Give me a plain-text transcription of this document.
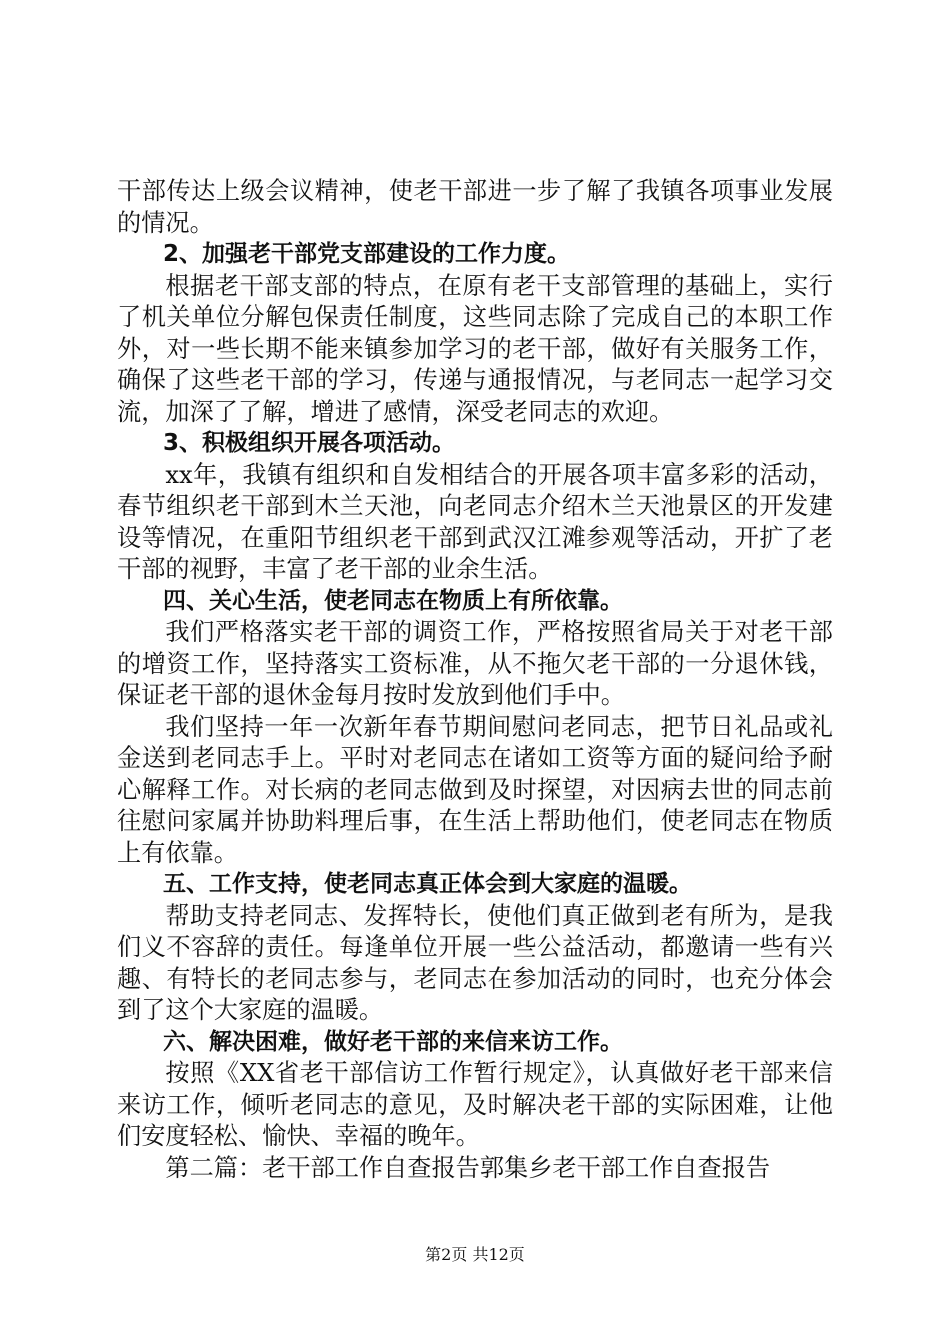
干部传达上级会议精神，使老干部进一步了解了我镇各项事业发展的情况。

2、加强老干部党支部建设的工作力度。

根据老干部支部的特点，在原有老干支部管理的基础上，实行了机关单位分解包保责任制度，这些同志除了完成自己的本职工作外，对一些长期不能来镇参加学习的老干部，做好有关服务工作，确保了这些老干部的学习，传递与通报情况，与老同志一起学习交流，加深了了解，增进了感情，深受老同志的欢迎。

3、积极组织开展各项活动。

xx年，我镇有组织和自发相结合的开展各项丰富多彩的活动，春节组织老干部到木兰天池，向老同志介绍木兰天池景区的开发建设等情况，在重阳节组织老干部到武汉江滩参观等活动，开扩了老干部的视野，丰富了老干部的业余生活。

四、关心生活，使老同志在物质上有所依靠。

我们严格落实老干部的调资工作，严格按照省局关于对老干部的增资工作，坚持落实工资标准，从不拖欠老干部的一分退休钱，保证老干部的退休金每月按时发放到他们手中。

我们坚持一年一次新年春节期间慰问老同志，把节日礼品或礼金送到老同志手上。平时对老同志在诸如工资等方面的疑问给予耐心解释工作。对长病的老同志做到及时探望，对因病去世的同志前往慰问家属并协助料理后事，在生活上帮助他们，使老同志在物质上有依靠。

五、工作支持，使老同志真正体会到大家庭的温暖。

帮助支持老同志、发挥特长，使他们真正做到老有所为，是我们义不容辞的责任。每逢单位开展一些公益活动，都邀请一些有兴趣、有特长的老同志参与，老同志在参加活动的同时，也充分体会到了这个大家庭的温暖。

六、解决困难，做好老干部的来信来访工作。

按照《XX省老干部信访工作暂行规定》，认真做好老干部来信来访工作，倾听老同志的意见，及时解决老干部的实际困难，让他们安度轻松、愉快、幸福的晚年。

第二篇：老干部工作自查报告郭集乡老干部工作自查报告

第2页 共12页
